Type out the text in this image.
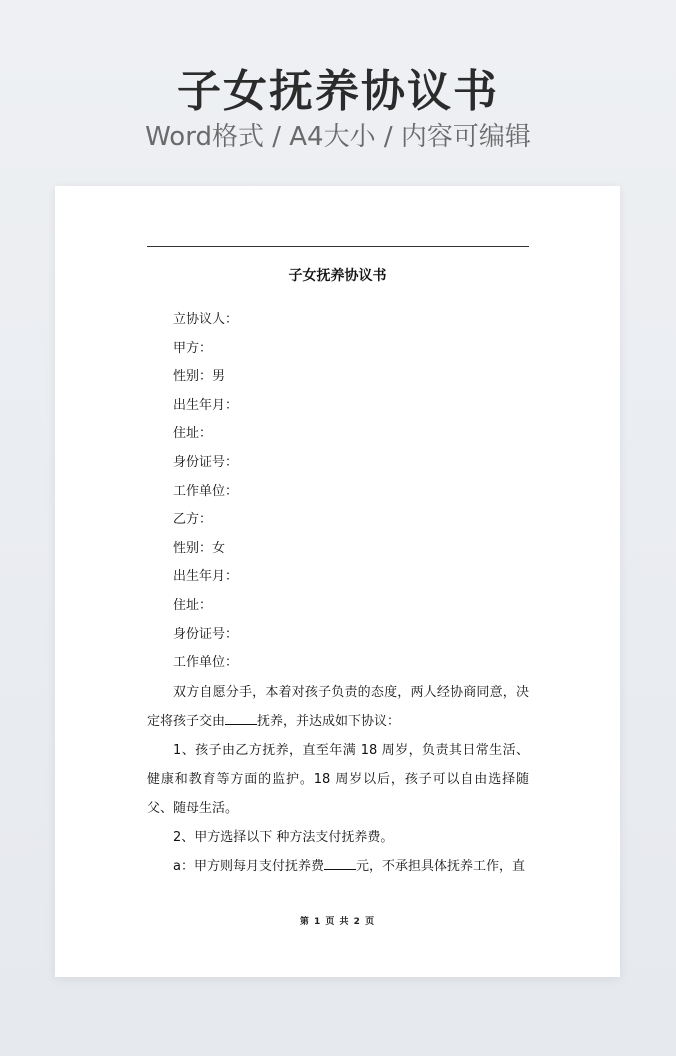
子女抚养协议书
Word格式 / A4大小 / 内容可编辑
子女抚养协议书
立协议人：
甲方：
性别：男
出生年月：
住址：
身份证号：
工作单位：
乙方：
性别：女
出生年月：
住址：
身份证号：
工作单位：

双方自愿分手，本着对孩子负责的态度，两人经协商同意，决定将孩子交由 抚养，并达成如下协议：

1、孩子由乙方抚养，直至年满 18 周岁，负责其日常生活、健康和教育等方面的监护。18 周岁以后，孩子可以自由选择随父、随母生活。

2、甲方选择以下 种方法支付抚养费。

a：甲方则每月支付抚养费 元，不承担具体抚养工作，直

第 1 页 共 2 页
